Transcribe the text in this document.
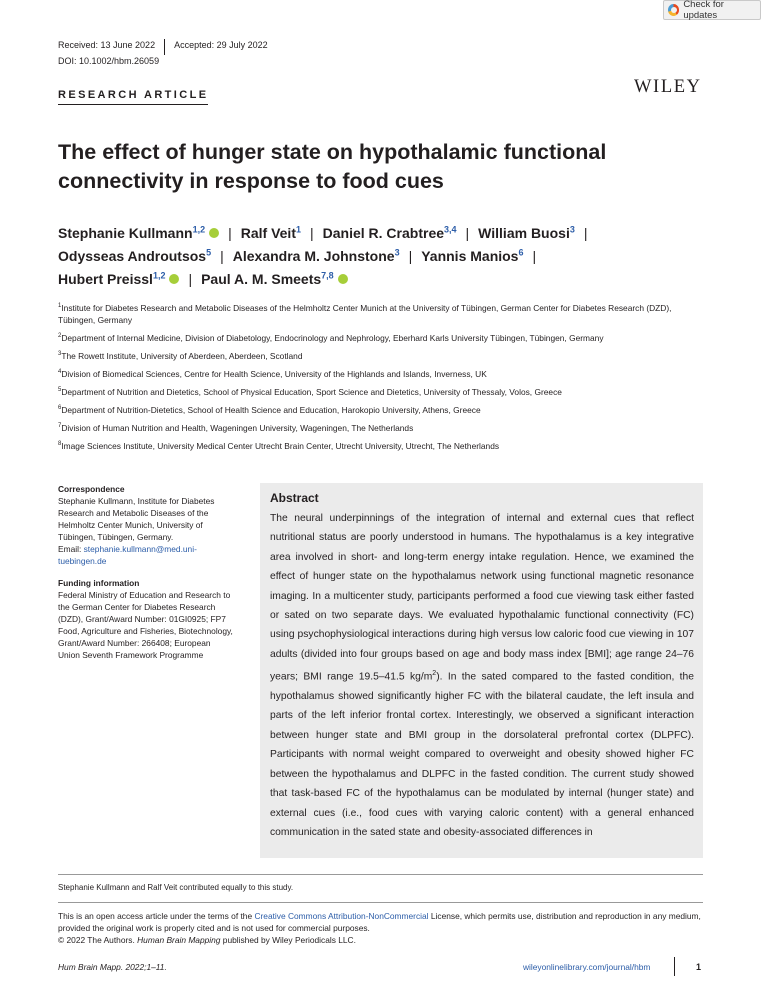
Check for updates
Received: 13 June 2022 Accepted: 29 July 2022
DOI: 10.1002/hbm.26059
RESEARCH ARTICLE	WILEY
The effect of hunger state on hypothalamic functional connectivity in response to food cues
Stephanie Kullmann$^{1,2}$ | Ralf Veit$^1$ | Daniel R. Crabtree$^{3,4}$ | William Buosi$^3$ |
Odysseas Androutsos$^5$ | Alexandra M. Johnstone$^3$ | Yannis Manios$^6$ |
Hubert Preissl$^{1,2}$ | Paul A. M. Smeets$^{7,8}$

$^1$Institute for Diabetes Research and Metabolic Diseases of the Helmholtz Center Munich at the University of Tübingen, German Center for Diabetes Research (DZD), Tübingen, Germany

$^2$Department of Internal Medicine, Division of Diabetology, Endocrinology and Nephrology, Eberhard Karls University Tübingen, Tübingen, Germany

$^3$The Rowett Institute, University of Aberdeen, Aberdeen, Scotland

$^4$Division of Biomedical Sciences, Centre for Health Science, University of the Highlands and Islands, Inverness, UK

$^5$Department of Nutrition and Dietetics, School of Physical Education, Sport Science and Dietetics, University of Thessaly, Volos, Greece

$^6$Department of Nutrition-Dietetics, School of Health Science and Education, Harokopio University, Athens, Greece

$^7$Division of Human Nutrition and Health, Wageningen University, Wageningen, The Netherlands

$^8$Image Sciences Institute, University Medical Center Utrecht Brain Center, Utrecht University, Utrecht, The Netherlands

Correspondence
Stephanie Kullmann, Institute for Diabetes
Research and Metabolic Diseases of the
Helmholtz Center Munich, University of
Tübingen, Tübingen, Germany.
Email: stephanie.kullmann@med.uni-
tuebingen.de
Funding information
Federal Ministry of Education and Research to
the German Center for Diabetes Research
(DZD), Grant/Award Number: 01GI0925; FP7
Food, Agriculture and Fisheries, Biotechnology,
Grant/Award Number: 266408; European
Union Seventh Framework Programme
Abstract

The neural underpinnings of the integration of internal and external cues that reflect nutritional status are poorly understood in humans. The hypothalamus is a key integrative area involved in short- and long-term energy intake regulation. Hence, we examined the effect of hunger state on the hypothalamus network using functional magnetic resonance imaging. In a multicenter study, participants performed a food cue viewing task either fasted or sated on two separate days. We evaluated hypothalamic functional connectivity (FC) using psychophysiological interactions during high versus low caloric food cue viewing in 107 adults (divided into four groups based on age and body mass index [BMI]; age range 24–76 years; BMI range 19.5–41.5 $kg/m^2$). In the sated compared to the fasted condition, the hypothalamus showed significantly higher FC with the bilateral caudate, the left insula and parts of the left inferior frontal cortex. Interestingly, we observed a significant interaction between hunger state and BMI group in the dorsolateral prefrontal cortex (DLPFC). Participants with normal weight compared to overweight and obesity showed higher FC between the hypothalamus and DLPFC in the fasted condition. The current study showed that task-based FC of the hypothalamus can be modulated by internal (hunger state) and external cues (i.e., food cues with varying caloric content) with a general enhanced communication in the sated state and obesity-associated differences in

Stephanie Kullmann and Ralf Veit contributed equally to this study.
This is an open access article under the terms of the Creative Commons Attribution-NonCommercial License, which permits use, distribution and reproduction in any medium, provided the original work is properly cited and is not used for commercial purposes.
© 2022 The Authors. Human Brain Mapping published by Wiley Periodicals LLC.
Hum Brain Mapp. 2022;1–11.	wileyonlinelibrary.com/journal/hbm	1
